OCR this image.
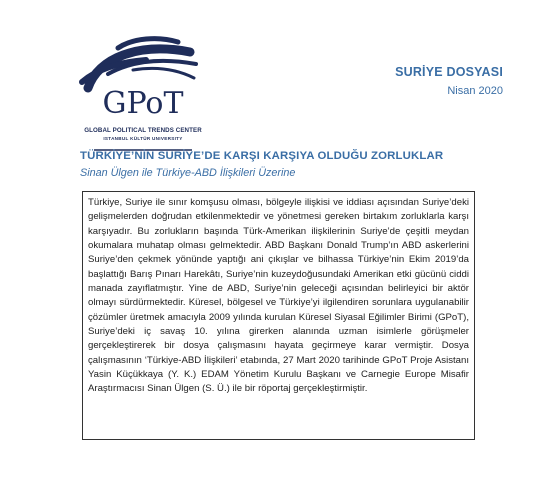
GPoT
GLOBAL POLITICAL TRENDS CENTER
ISTANBUL KÜLTÜR UNIVERSITY
SURİYE DOSYASI
Nisan 2020
TÜRKİYE’NİN SURİYE’DE KARŞI KARŞIYA OLDUĞU ZORLUKLAR
Sinan Ülgen ile Türkiye-ABD İlişkileri Üzerine

Türkiye, Suriye ile sınır komşusu olması, bölgeyle ilişkisi ve iddiası açısından Suriye’deki gelişmelerden doğrudan etkilenmektedir ve yönetmesi gereken birtakım zorluklarla karşı karşıyadır. Bu zorlukların başında Türk-Amerikan ilişkilerinin Suriye’de çeşitli meydan okumalara muhatap olması gelmektedir. ABD Başkanı Donald Trump’ın ABD askerlerini Suriye’den çekmek yönünde yaptığı ani çıkışlar ve bilhassa Türkiye’nin Ekim 2019’da başlattığı Barış Pınarı Harekâtı, Suriye’nin kuzeydoğusundaki Amerikan etki gücünü ciddi manada zayıflatmıştır. Yine de ABD, Suriye’nin geleceği açısından belirleyici bir aktör olmayı sürdürmektedir. Küresel, bölgesel ve Türkiye’yi ilgilendiren sorunlara uygulanabilir çözümler üretmek amacıyla 2009 yılında kurulan Küresel Siyasal Eğilimler Birimi (GPoT), Suriye’deki iç savaş 10. yılına girerken alanında uzman isimlerle görüşmeler gerçekleştirerek bir dosya çalışmasını hayata geçirmeye karar vermiştir. Dosya çalışmasının ‘Türkiye-ABD İlişkileri’ etabında, 27 Mart 2020 tarihinde GPoT Proje Asistanı Yasin Küçükkaya (Y. K.) EDAM Yönetim Kurulu Başkanı ve Carnegie Europe Misafir Araştırmacısı Sinan Ülgen (S. Ü.) ile bir röportaj gerçekleştirmiştir.
